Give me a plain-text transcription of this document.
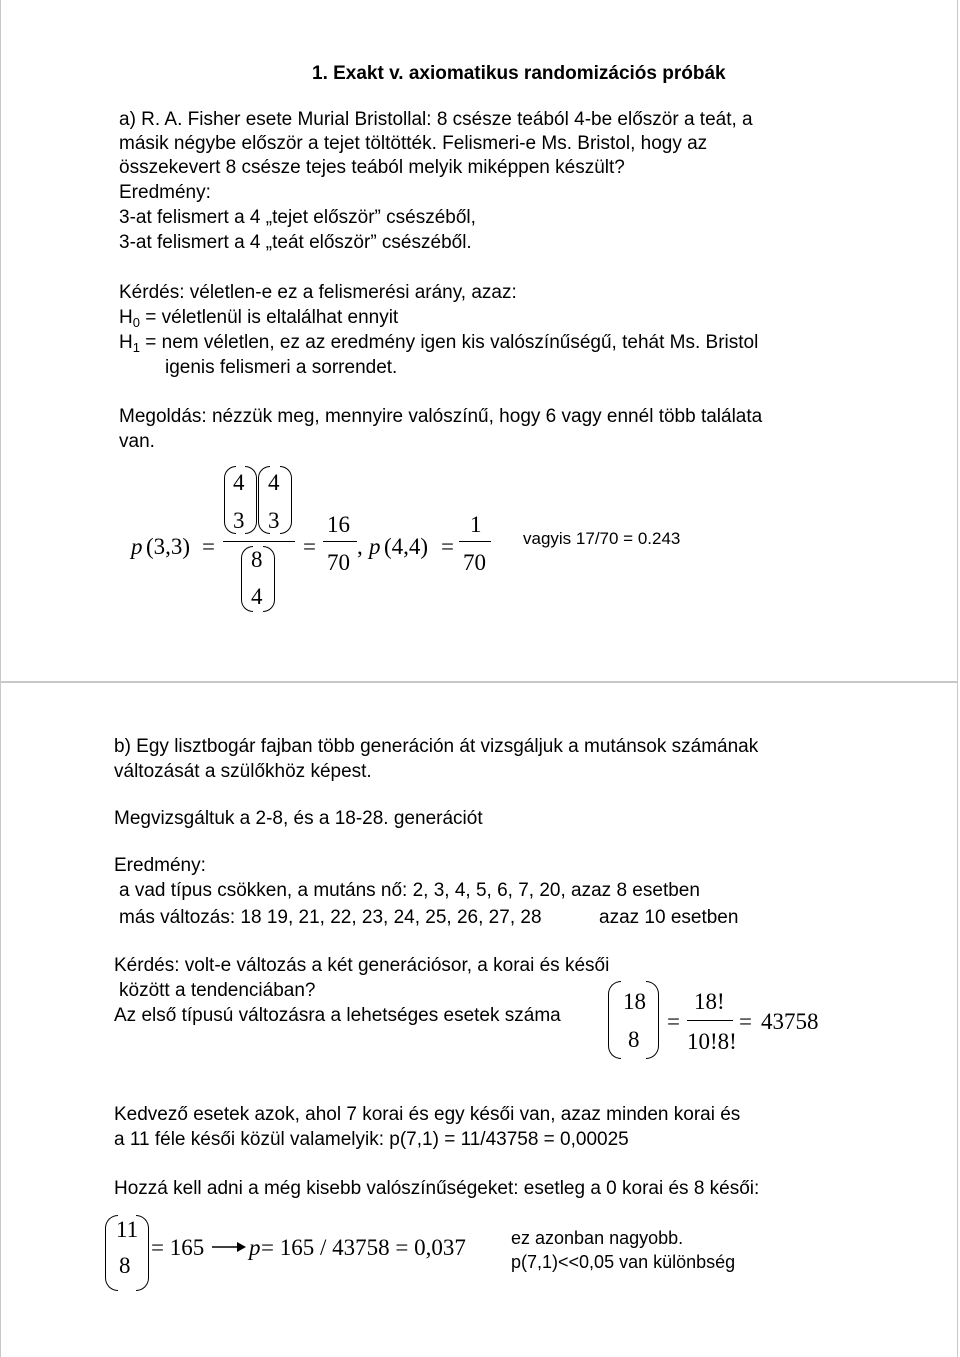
1. Exakt v. axiomatikus randomizációs próbák
a) R. A. Fisher esete Murial Bristollal: 8 csésze teából 4-be először a teát, a
másik négybe először a tejet töltötték. Felismeri-e Ms. Bristol, hogy az
összekevert 8 csésze tejes teából melyik miképpen készült?
Eredmény:
3-at felismert a 4 „tejet először” csészéből,
3-at felismert a 4 „teát először” csészéből.
Kérdés: véletlen-e ez a felismerési arány, azaz:
$H_0$ = véletlenül is eltalálhat ennyit
$H_1$ = nem véletlen, ez az eredmény igen kis valószínűségű, tehát Ms. Bristol
igenis felismeri a sorrendet.
Megoldás: nézzük meg, mennyire valószínű, hogy 6 vagy ennél több találata
van.
p (3,3) =
4
3
4
3
8
4
=
16
70
, p (4,4) =
1
70
vagyis 17/70 = 0.243
b) Egy lisztbogár fajban több generáción át vizsgáljuk a mutánsok számának
változását a szülőkhöz képest.
Megvizsgáltuk a 2-8, és a 18-28. generációt
Eredmény:
a vad típus csökken, a mutáns nő: 2, 3, 4, 5, 6, 7, 20, azaz 8 esetben
más változás: 18 19, 21, 22, 23, 24, 25, 26, 27, 28	azaz 10 esetben
Kérdés: volt-e változás a két generációsor, a korai és késői
között a tendenciában?
Az első típusú változásra a lehetséges esetek száma
18
8
=
18!
10!8!
= 43758
Kedvező esetek azok, ahol 7 korai és egy késői van, azaz minden korai és
a 11 féle késői közül valamelyik: p(7,1) = 11/43758 = 0,00025
Hozzá kell adni a még kisebb valószínűségeket: esetleg a 0 korai és 8 késői:
11
8
= 165 p = 165 / 43758 = 0,037	ez azonban nagyobb.
p(7,1)<<0,05 van különbség
